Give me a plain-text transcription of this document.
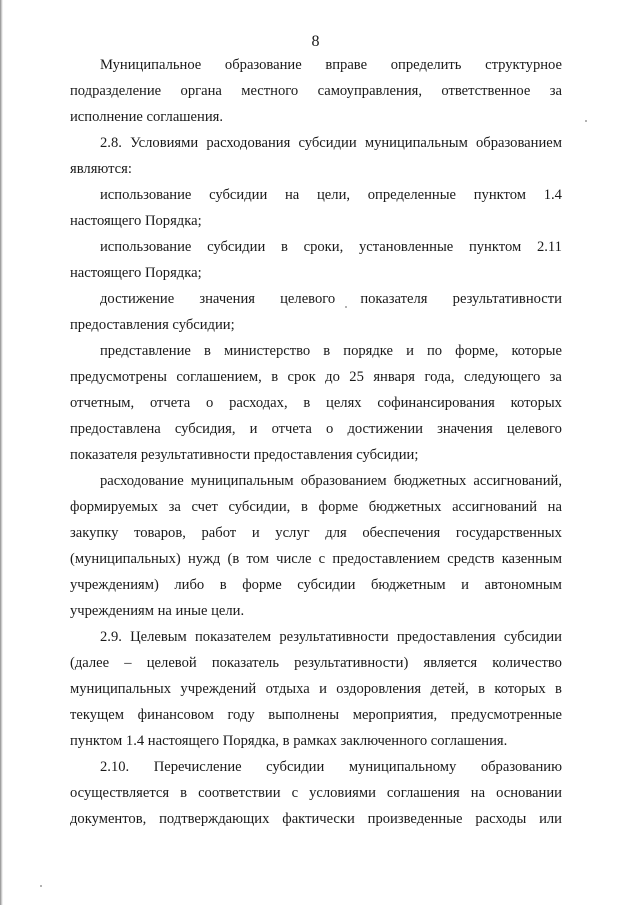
8
Муниципальное образование вправе определить структурное
подразделение органа местного самоуправления, ответственное за
исполнение соглашения.
2.8. Условиями расходования субсидии муниципальным образованием
являются:
использование субсидии на цели, определенные пунктом 1.4
настоящего Порядка;
использование субсидии в сроки, установленные пунктом 2.11
настоящего Порядка;
достижение значения целевого показателя результативности
предоставления субсидии;
представление в министерство в порядке и по форме, которые
предусмотрены соглашением, в срок до 25 января года, следующего за
отчетным, отчета о расходах, в целях софинансирования которых
предоставлена субсидия, и отчета о достижении значения целевого
показателя результативности предоставления субсидии;
расходование муниципальным образованием бюджетных ассигнований,
формируемых за счет субсидии, в форме бюджетных ассигнований на
закупку товаров, работ и услуг для обеспечения государственных
(муниципальных) нужд (в том числе с предоставлением средств казенным
учреждениям) либо в форме субсидии бюджетным и автономным
учреждениям на иные цели.
2.9. Целевым показателем результативности предоставления субсидии
(далее – целевой показатель результативности) является количество
муниципальных учреждений отдыха и оздоровления детей, в которых в
текущем финансовом году выполнены мероприятия, предусмотренные
пунктом 1.4 настоящего Порядка, в рамках заключенного соглашения.
2.10. Перечисление субсидии муниципальному образованию
осуществляется в соответствии с условиями соглашения на основании
документов, подтверждающих фактически произведенные расходы или
